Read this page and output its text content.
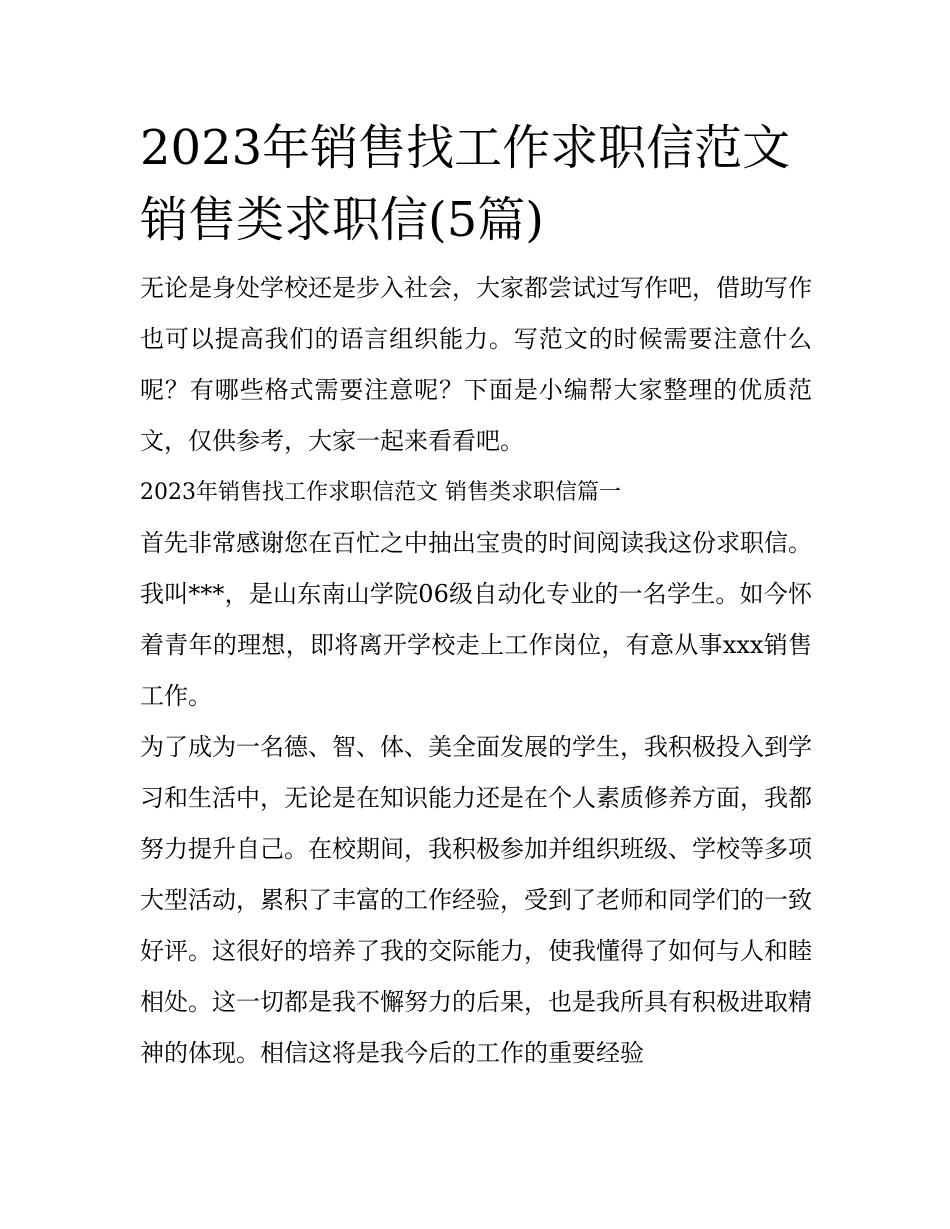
2023年销售找工作求职信范文
销售类求职信(5篇)

无论是身处学校还是步入社会，大家都尝试过写作吧，借助写作也可以提高我们的语言组织能力。写范文的时候需要注意什么呢？有哪些格式需要注意呢？下面是小编帮大家整理的优质范文，仅供参考，大家一起来看看吧。

2023年销售找工作求职信范文 销售类求职信篇一

首先非常感谢您在百忙之中抽出宝贵的时间阅读我这份求职信。我叫***，是山东南山学院06级自动化专业的一名学生。如今怀着青年的理想，即将离开学校走上工作岗位，有意从事xxx销售工作。

为了成为一名德、智、体、美全面发展的学生，我积极投入到学习和生活中，无论是在知识能力还是在个人素质修养方面，我都努力提升自己。在校期间，我积极参加并组织班级、学校等多项大型活动，累积了丰富的工作经验，受到了老师和同学们的一致好评。这很好的培养了我的交际能力，使我懂得了如何与人和睦相处。这一切都是我不懈努力的后果，也是我所具有积极进取精神的体现。相信这将是我今后的工作的重要经验
